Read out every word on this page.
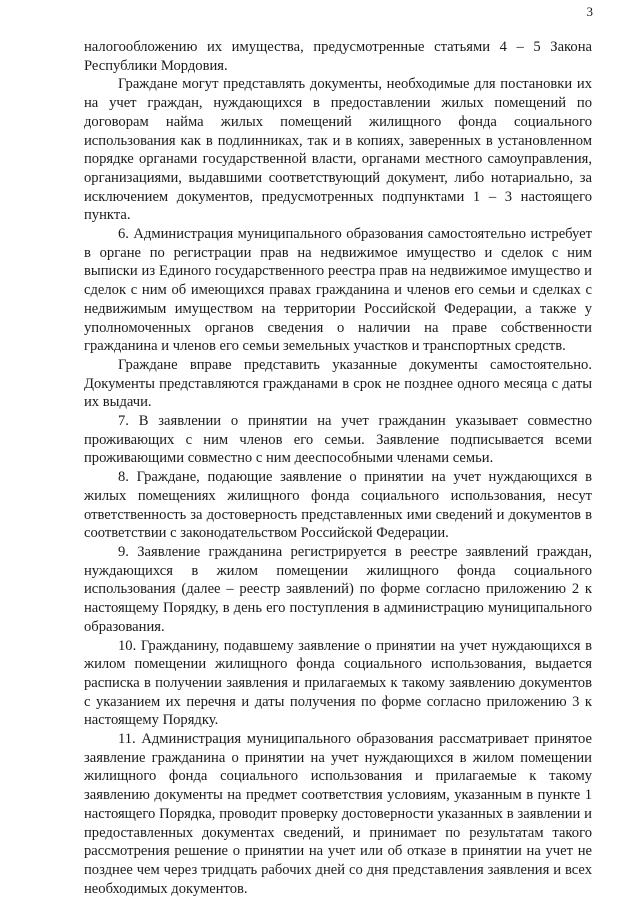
3

налогообложению их имущества, предусмотренные статьями 4 – 5 Закона Республики Мордовия.

Граждане могут представлять документы, необходимые для постановки их на учет граждан, нуждающихся в предоставлении жилых помещений по договорам найма жилых помещений жилищного фонда социального использования как в подлинниках, так и в копиях, заверенных в установленном порядке органами государственной власти, органами местного самоуправления, организациями, выдавшими соответствующий документ, либо нотариально, за исключением документов, предусмотренных подпунктами 1 – 3 настоящего пункта.

6. Администрация муниципального образования самостоятельно истребует в органе по регистрации прав на недвижимое имущество и сделок с ним выписки из Единого государственного реестра прав на недвижимое имущество и сделок с ним об имеющихся правах гражданина и членов его семьи и сделках с недвижимым имуществом на территории Российской Федерации, а также у уполномоченных органов сведения о наличии на праве собственности гражданина и членов его семьи земельных участков и транспортных средств.

Граждане вправе представить указанные документы самостоятельно. Документы представляются гражданами в срок не позднее одного месяца с даты их выдачи.

7. В заявлении о принятии на учет гражданин указывает совместно проживающих с ним членов его семьи. Заявление подписывается всеми проживающими совместно с ним дееспособными членами семьи.

8. Граждане, подающие заявление о принятии на учет нуждающихся в жилых помещениях жилищного фонда социального использования, несут ответственность за достоверность представленных ими сведений и документов в соответствии с законодательством Российской Федерации.

9. Заявление гражданина регистрируется в реестре заявлений граждан, нуждающихся в жилом помещении жилищного фонда социального использования (далее – реестр заявлений) по форме согласно приложению 2 к настоящему Порядку, в день его поступления в администрацию муниципального образования.

10. Гражданину, подавшему заявление о принятии на учет нуждающихся в жилом помещении жилищного фонда социального использования, выдается расписка в получении заявления и прилагаемых к такому заявлению документов с указанием их перечня и даты получения по форме согласно приложению 3 к настоящему Порядку.

11. Администрация муниципального образования рассматривает принятое заявление гражданина о принятии на учет нуждающихся в жилом помещении жилищного фонда социального использования и прилагаемые к такому заявлению документы на предмет соответствия условиям, указанным в пункте 1 настоящего Порядка, проводит проверку достоверности указанных в заявлении и предоставленных документах сведений, и принимает по результатам такого рассмотрения решение о принятии на учет или об отказе в принятии на учет не позднее чем через тридцать рабочих дней со дня представления заявления и всех необходимых документов.
